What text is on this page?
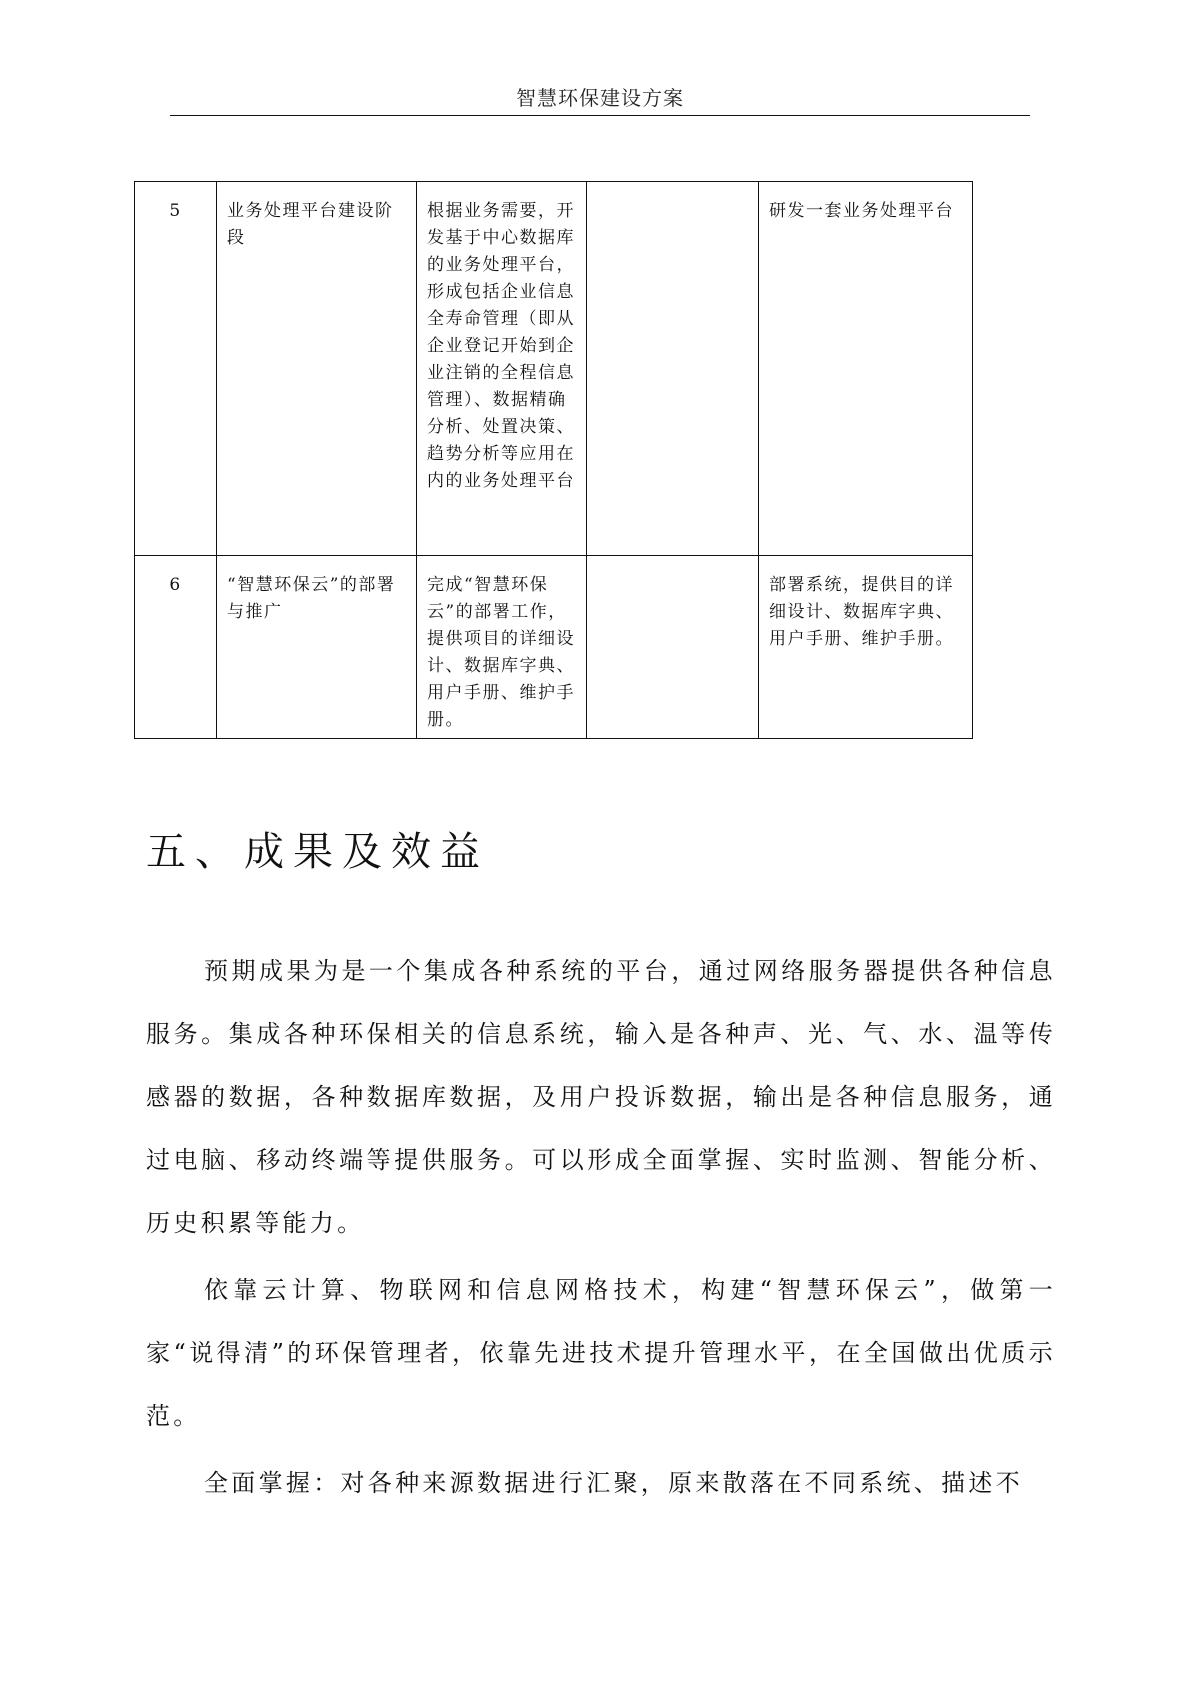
智慧环保建设方案
5	业务处理平台建设阶段	根据业务需要，开发基于中心数据库的业务处理平台，形成包括企业信息全寿命管理（即从企业登记开始到企业注销的全程信息管理）、数据精确分析、处置决策、趋势分析等应用在内的业务处理平台		研发一套业务处理平台
6	“智慧环保云”的部署与推广	完成“智慧环保云”的部署工作，提供项目的详细设计、数据库字典、用户手册、维护手册。		部署系统，提供目的详细设计、数据库字典、用户手册、维护手册。
五、成果及效益

预期成果为是一个集成各种系统的平台，通过网络服务器提供各种信息服务。集成各种环保相关的信息系统，输入是各种声、光、气、水、温等传感器的数据，各种数据库数据，及用户投诉数据，输出是各种信息服务，通过电脑、移动终端等提供服务。可以形成全面掌握、实时监测、智能分析、历史积累等能力。

依靠云计算、物联网和信息网格技术，构建“智慧环保云”，做第一家“说得清”的环保管理者，依靠先进技术提升管理水平，在全国做出优质示范。

全面掌握：对各种来源数据进行汇聚，原来散落在不同系统、描述不
